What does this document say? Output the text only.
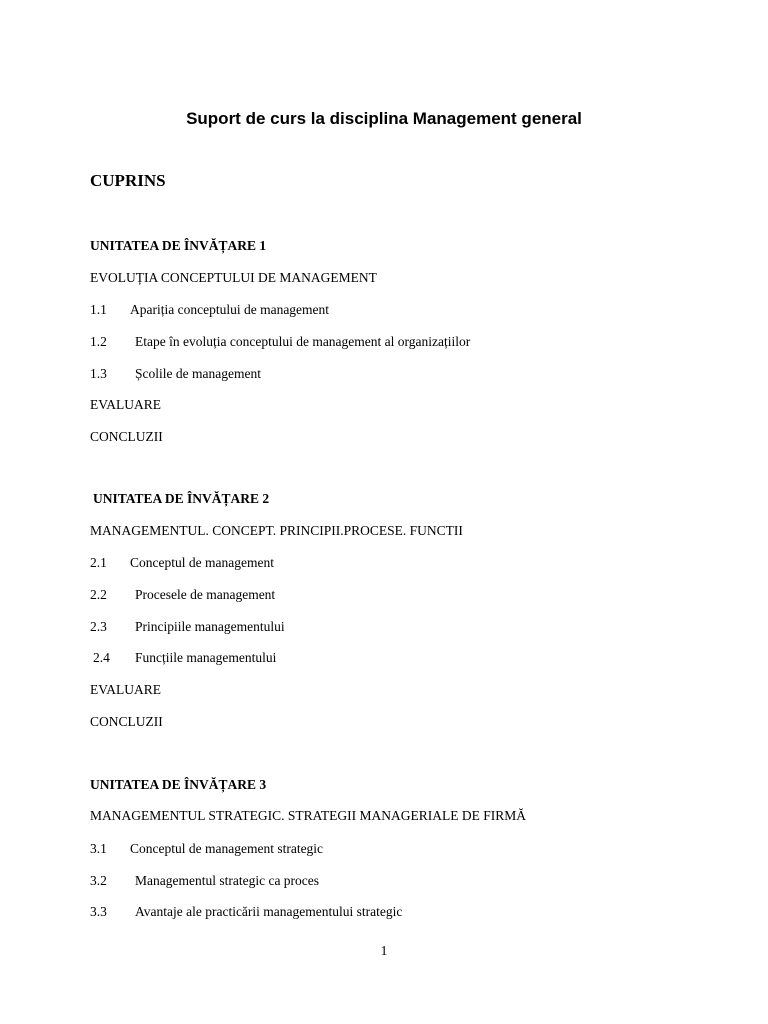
Suport de curs la disciplina Management general
CUPRINS
UNITATEA DE ÎNVĂȚARE 1
EVOLUȚIA CONCEPTULUI DE MANAGEMENT
1.1 Apariția conceptului de management
1.2 Etape în evoluția conceptului de management al organizațiilor
1.3 Școlile de management
EVALUARE
CONCLUZII
UNITATEA DE ÎNVĂȚARE 2
MANAGEMENTUL. CONCEPT. PRINCIPII.PROCESE. FUNCTII
2.1 Conceptul de management
2.2 Procesele de management
2.3 Principiile managementului
2.4 Funcțiile managementului
EVALUARE
CONCLUZII
UNITATEA DE ÎNVĂȚARE 3
MANAGEMENTUL STRATEGIC. STRATEGII MANAGERIALE DE FIRMĂ
3.1 Conceptul de management strategic
3.2 Managementul strategic ca proces
3.3 Avantaje ale practicării managementului strategic
1
